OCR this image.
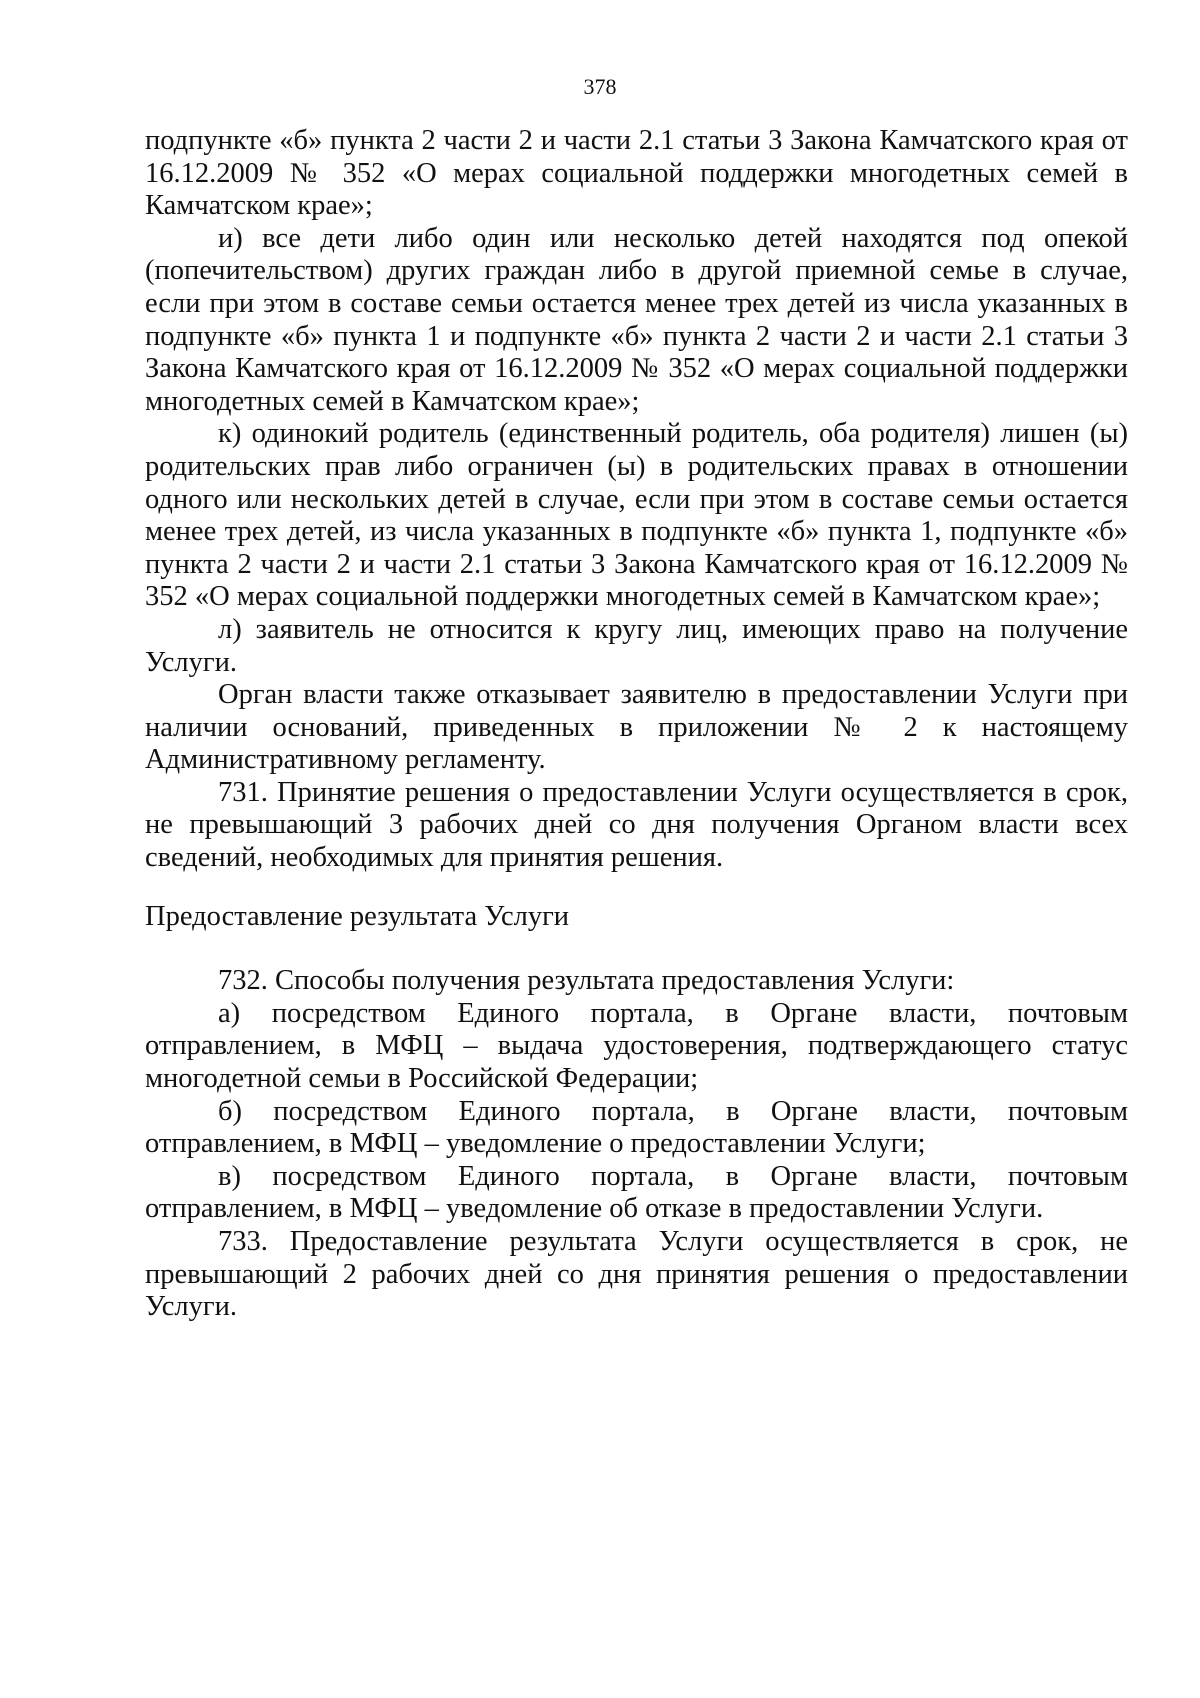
378

подпункте «б» пункта 2 части 2 и части 2.1 статьи 3 Закона Камчатского края от 16.12.2009 № 352 «О мерах социальной поддержки многодетных семей в Камчатском крае»;

и) все дети либо один или несколько детей находятся под опекой (попечительством) других граждан либо в другой приемной семье в случае, если при этом в составе семьи остается менее трех детей из числа указанных в подпункте «б» пункта 1 и подпункте «б» пункта 2 части 2 и части 2.1 статьи 3 Закона Камчатского края от 16.12.2009 № 352 «О мерах социальной поддержки многодетных семей в Камчатском крае»;

к) одинокий родитель (единственный родитель, оба родителя) лишен (ы) родительских прав либо ограничен (ы) в родительских правах в отношении одного или нескольких детей в случае, если при этом в составе семьи остается менее трех детей, из числа указанных в подпункте «б» пункта 1, подпункте «б» пункта 2 части 2 и части 2.1 статьи 3 Закона Камчатского края от 16.12.2009 № 352 «О мерах социальной поддержки многодетных семей в Камчатском крае»;

л) заявитель не относится к кругу лиц, имеющих право на получение Услуги.

Орган власти также отказывает заявителю в предоставлении Услуги при наличии оснований, приведенных в приложении № 2 к настоящему Административному регламенту.

731. Принятие решения о предоставлении Услуги осуществляется в срок, не превышающий 3 рабочих дней со дня получения Органом власти всех сведений, необходимых для принятия решения.

Предоставление результата Услуги

732. Способы получения результата предоставления Услуги:

а) посредством Единого портала, в Органе власти, почтовым отправлением, в МФЦ – выдача удостоверения, подтверждающего статус многодетной семьи в Российской Федерации;

б) посредством Единого портала, в Органе власти, почтовым отправлением, в МФЦ – уведомление о предоставлении Услуги;

в) посредством Единого портала, в Органе власти, почтовым отправлением, в МФЦ – уведомление об отказе в предоставлении Услуги.

733. Предоставление результата Услуги осуществляется в срок, не превышающий 2 рабочих дней со дня принятия решения о предоставлении Услуги.
